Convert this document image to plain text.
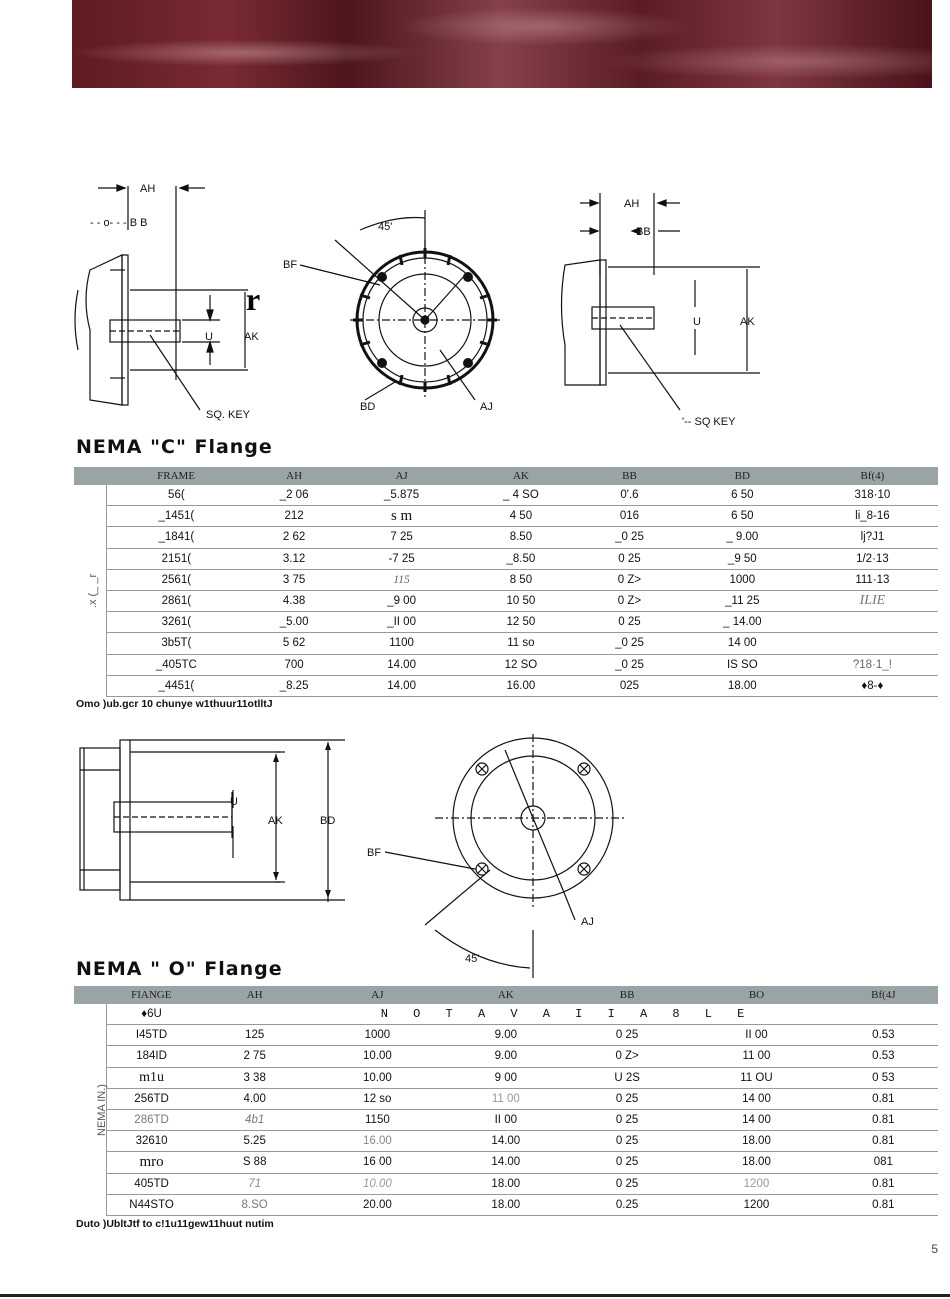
AH
- - o- - - B B
U	AK
r
SQ. KEY
45'
BF
BD	AJ
AH
BB
U	AK
'-- SQ KEY
NEMA "C" Flange
	FRAME	AH	AJ	AK	BB	BD	Bf(4)

.x (_ _r	56(	_2 06	_5.875	_ 4 SO	0'.6	6 50	318·10
	_1451(	212	s m	4 50	016	6 50	li_8-16
	_1841(	2 62	7 25	8.50	_0 25	_ 9.00	lj?J1
	2151(	3.12	-7 25	_8.50	0 25	_9 50	1/2·13
	2561(	3 75	115	8 50	0 Z>	1000	111·13
	2861(	4.38	_9 00	10 50	0 Z>	_11 25	ILIE
	3261(	_5.00	_II 00	12 50	0 25	_ 14.00	
	3b5T(	5 62	1100	11 so	_0 25	14 00	
	_405TC	700	14.00	12 SO	_0 25	IS SO	?18·1_!
	_4451(	_8.25	14.00	16.00	025	18.00	♦8-♦
Omo )ub.gcr 10 chunye w1thuur11otlltJ
U
AK	BD
BF
AJ
45'
NEMA " O" Flange
	FIANGE	AH	AJ	AK	BB	BO	Bf(4J

NEMA IN.)	♦6U	N O T A V A I I A 8 L E					
	I45TD	125	1000	9.00	0 25	II 00	0.53
	184ID	2 75	10.00	9.00	0 Z>	11 00	0.53
	m1u	3 38	10.00	9 00	U 2S	11 OU	0 53
	256TD	4.00	12 so	11 00	0 25	14 00	0.81
	286TD	4b1	1150	II 00	0 25	14 00	0.81
	32610	5.25	16.00	14.00	0 25	18.00	0.81
	mro	S 88	16 00	14.00	0 25	18.00	081
	405TD	71	10.00	18.00	0 25	1200	0.81
	N44STO	8.SO	20.00	18.00	0.25	1200	0.81
Duto )UbltJtf to c!1u11gew11huut nutim
5
